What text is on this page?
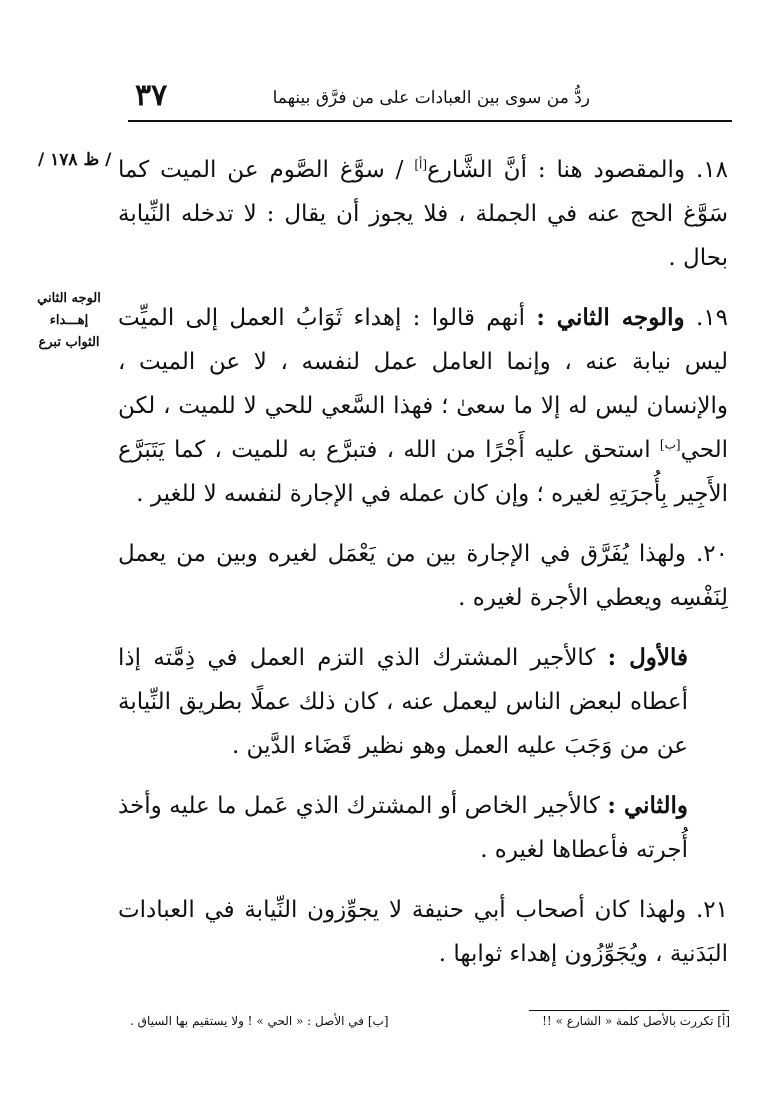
٣٧	ردُّ من سوى بين العبادات على من فرَّق بينهما
/ ظ ١٧٨ /
الوجه الثاني
إهـــداء
الثواب تبرع

١٨. والمقصود هنا : أنَّ الشَّارع[أ] / سوَّغ الصَّوم عن الميت كما سَوَّغ الحج عنه في الجملة ، فلا يجوز أن يقال : لا تدخله النِّيابة بحال .

١٩. والوجه الثاني : أنهم قالوا : إهداء ثَوَابُ العمل إلى الميِّت ليس نيابة عنه ، وإنما العامل عمل لنفسه ، لا عن الميت ، والإنسان ليس له إلا ما سعىٰ ؛ فهذا السَّعي للحي لا للميت ، لكن الحي[ب] استحق عليه أَجْرًا من الله ، فتبرَّع به للميت ، كما يَتَبَرَّع الأَجِير بِأُجرَتِهِ لغيره ؛ وإن كان عمله في الإجارة لنفسه لا للغير .

٢٠. ولهذا يُفَرَّق في الإجارة بين من يَعْمَل لغيره وبين من يعمل لِنَفْسِه ويعطي الأجرة لغيره .

فالأول : كالأجير المشترك الذي التزم العمل في ذِمَّته إذا أعطاه لبعض الناس ليعمل عنه ، كان ذلك عملًا بطريق النِّيابة عن من وَجَبَ عليه العمل وهو نظير قَضَاء الدَّين .

والثاني : كالأجير الخاص أو المشترك الذي عَمل ما عليه وأخذ أُجرته فأعطاها لغيره .

٢١. ولهذا كان أصحاب أبي حنيفة لا يجوِّزون النِّيابة في العبادات البَدَنية ، ويُجَوِّزُون إهداء ثوابها .

[أ] تكررت بالأصل كلمة « الشارع » !!
[ب] في الأصل : « الحي » ! ولا يستقيم بها السياق .
